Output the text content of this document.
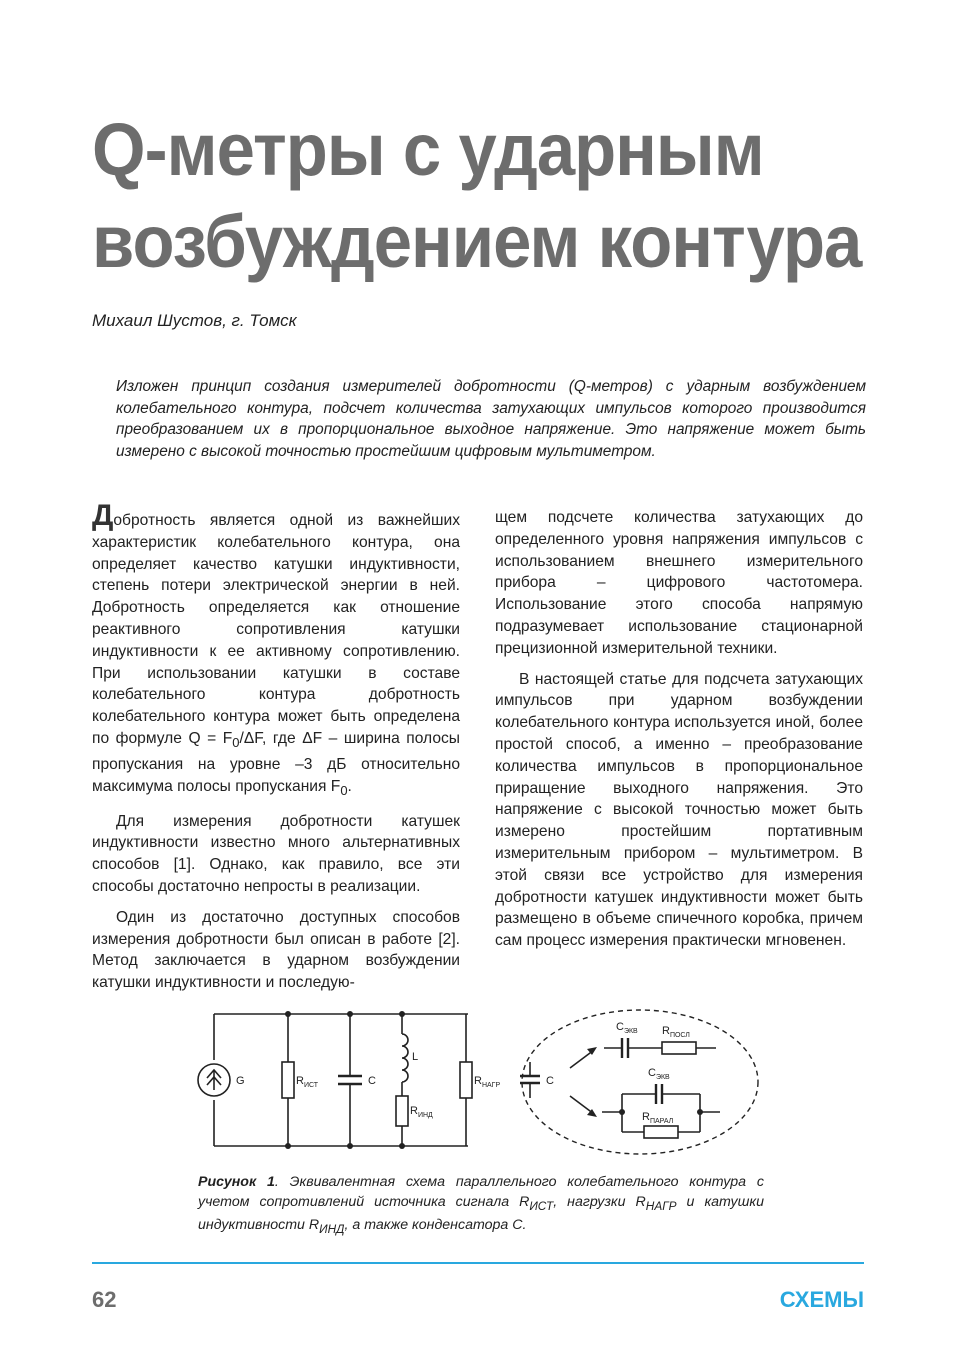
Q-метры с ударным
возбуждением контура
Михаил Шустов, г. Томск
Изложен принцип создания измерителей добротности (Q-метров) с ударным возбуждением колебательного контура, подсчет количества затухающих импульсов которого производится преобразованием их в пропорциональное выходное напряжение. Это напряжение может быть измерено с высокой точностью простейшим цифровым мультиметром.

Добротность является одной из важнейших характеристик колебательного контура, она определяет качество катушки индуктивности, степень потери электрической энергии в ней. Добротность определяется как отношение реактивного сопротивления катушки индуктивности к ее активному сопротивлению. При использовании катушки в составе колебательного контура добротность колебательного контура может быть определена по формуле $Q = F_0/\Delta F$, где ΔF – ширина полосы пропускания на уровне –3 дБ относительно максимума полосы пропускания $F_0$.

Для измерения добротности катушек индуктивности известно много альтернативных способов [1]. Однако, как правило, все эти способы достаточно непросты в реализации.

Один из достаточно доступных способов измерения добротности был описан в работе [2]. Метод заключается в ударном возбуждении катушки индуктивности и последую-

щем подсчете количества затухающих до определенного уровня напряжения импульсов с использованием внешнего измерительного прибора – цифрового частотомера. Использование этого способа напрямую подразумевает использование стационарной прецизионной измерительной техники.

В настоящей статье для подсчета затухающих импульсов при ударном возбуждении колебательного контура используется иной, более простой способ, а именно – преобразование количества импульсов в пропорциональное приращение выходного напряжения. Это напряжение с высокой точностью может быть измерено простейшим портативным измерительным прибором – мультиметром. В этой связи все устройство для измерения добротности катушек индуктивности может быть размещено в объеме спичечного коробка, причем сам процесс измерения практически мгновенен.

G	$R_{ИСТ}$	C
L
$R_{ИНД}$
$R_{НАГР}$	C
$C_{ЭКВ}$ $R_{ПОСЛ}$
$C_{ЭКВ}$
$R_{ПАРАЛ}$
Рисунок 1. Эквивалентная схема параллельного колебательного контура с учетом сопротивлений источника сигнала $R_{ИСТ}$, нагрузки $R_{НАГР}$ и катушки индуктивности $R_{ИНД}$, а также конденсатора C.
62	СХЕМЫ
